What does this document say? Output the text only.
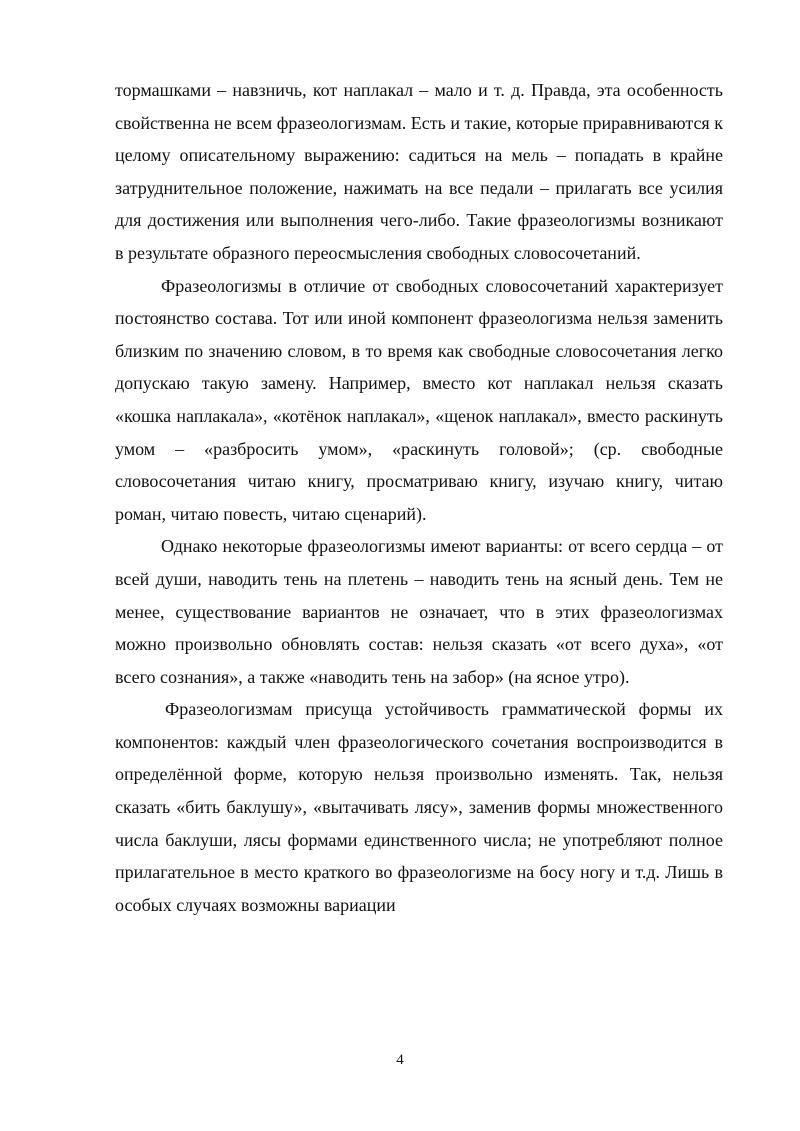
тормашками – навзничь, кот наплакал – мало и т. д. Правда, эта особенность свойственна не всем фразеологизмам. Есть и такие, которые приравниваются к целому описательному выражению: садиться на мель – попадать в крайне затруднительное положение, нажимать на все педали – прилагать все усилия для достижения или выполнения чего-либо. Такие фразеологизмы возникают в результате образного переосмысления свободных словосочетаний.

Фразеологизмы в отличие от свободных словосочетаний характеризует постоянство состава. Тот или иной компонент фразеологизма нельзя заменить близким по значению словом, в то время как свободные словосочетания легко допускаю такую замену. Например, вместо кот наплакал нельзя сказать «кошка наплакала», «котёнок наплакал», «щенок наплакал», вместо раскинуть умом – «разбросить умом», «раскинуть головой»; (ср. свободные словосочетания читаю книгу, просматриваю книгу, изучаю книгу, читаю роман, читаю повесть, читаю сценарий).

Однако некоторые фразеологизмы имеют варианты: от всего сердца – от всей души, наводить тень на плетень – наводить тень на ясный день. Тем не менее, существование вариантов не означает, что в этих фразеологизмах можно произвольно обновлять состав: нельзя сказать «от всего духа», «от всего сознания», а также «наводить тень на забор» (на ясное утро).

Фразеологизмам присуща устойчивость грамматической формы их компонентов: каждый член фразеологического сочетания воспроизводится в определённой форме, которую нельзя произвольно изменять. Так, нельзя сказать «бить баклушу», «вытачивать лясу», заменив формы множественного числа баклуши, лясы формами единственного числа; не употребляют полное прилагательное в место краткого во фразеологизме на босу ногу и т.д. Лишь в особых случаях возможны вариации

4
